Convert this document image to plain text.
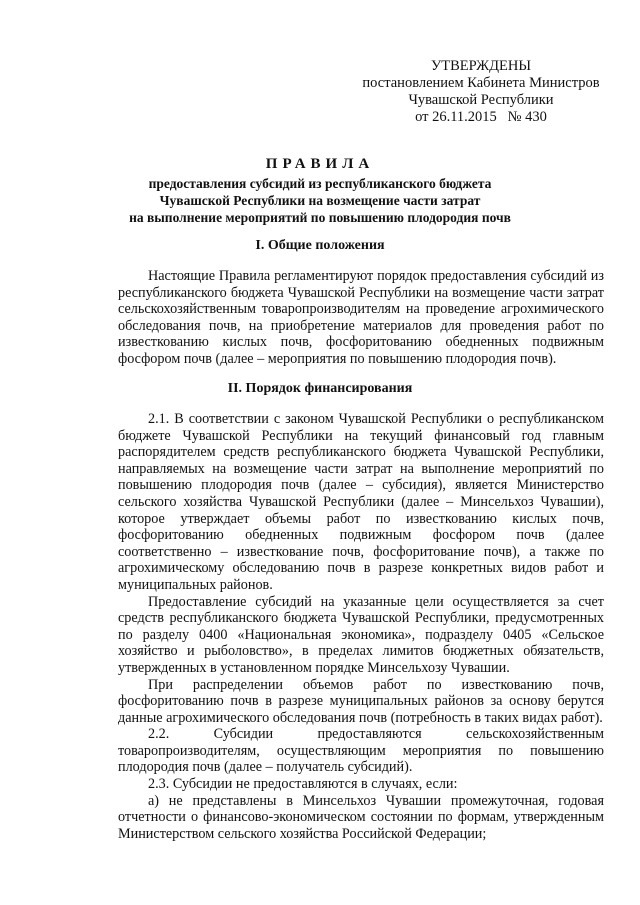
УТВЕРЖДЕНЫ
постановлением Кабинета Министров
Чувашской Республики
от 26.11.2015   № 430
ПРАВИЛА
предоставления субсидий из республиканского бюджета
Чувашской Республики на возмещение части затрат
на выполнение мероприятий по повышению плодородия почв
I. Общие положения

Настоящие Правила регламентируют порядок предоставления субсидий из республиканского бюджета Чувашской Республики на возмещение части затрат сельскохозяйственным товаропроизводителям на проведение агрохимического обследования почв, на приобретение материалов для проведения работ по известкованию кислых почв, фосфоритованию обедненных подвижным фосфором почв (далее – мероприятия по повышению плодородия почв).

II. Порядок финансирования

2.1. В соответствии с законом Чувашской Республики о республиканском бюджете Чувашской Республики на текущий финансовый год главным распорядителем средств республиканского бюджета Чувашской Республики, направляемых на возмещение части затрат на выполнение мероприятий по повышению плодородия почв (далее – субсидия), является Министерство сельского хозяйства Чувашской Республики (далее – Минсельхоз Чувашии), которое утверждает объемы работ по известкованию кислых почв, фосфоритованию обедненных подвижным фосфором почв (далее соответственно – известкование почв, фосфоритование почв), а также по агрохимическому обследованию почв в разрезе конкретных видов работ и муниципальных районов.

Предоставление субсидий на указанные цели осуществляется за счет средств республиканского бюджета Чувашской Республики, предусмотренных по разделу 0400 «Национальная экономика», подразделу 0405 «Сельское хозяйство и рыболовство», в пределах лимитов бюджетных обязательств, утвержденных в установленном порядке Минсельхозу Чувашии.

При распределении объемов работ по известкованию почв, фосфоритованию почв в разрезе муниципальных районов за основу берутся данные агрохимического обследования почв (потребность в таких видах работ).

2.2. Субсидии предоставляются сельскохозяйственным товаропроизводителям, осуществляющим мероприятия по повышению плодородия почв (далее – получатель субсидий).

2.3. Субсидии не предоставляются в случаях, если:

а) не представлены в Минсельхоз Чувашии промежуточная, годовая отчетности о финансово-экономическом состоянии по формам, утвержденным Министерством сельского хозяйства Российской Федерации;
